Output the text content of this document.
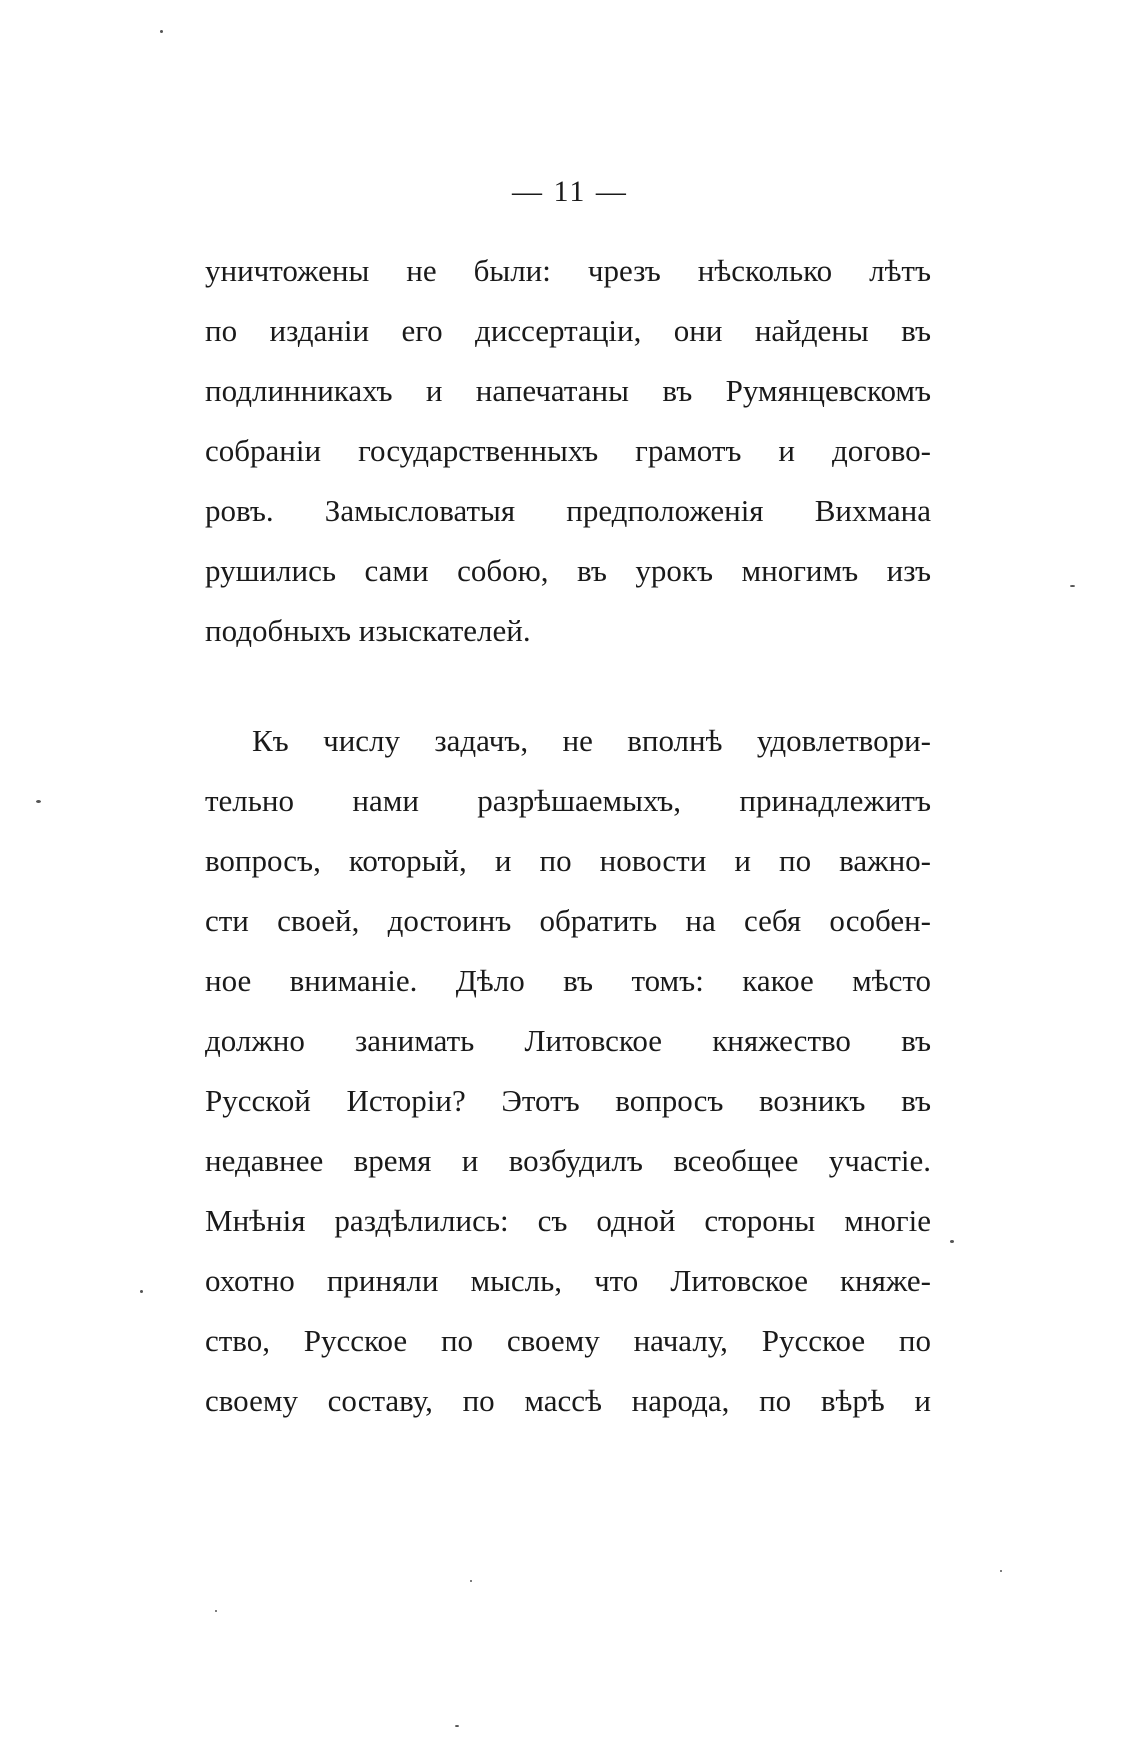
— 11 —
уничтожены не были: чрезъ нѣсколько лѣтъ
по изданіи его диссертаціи, они найдены въ
подлинникахъ и напечатаны въ Румянцевскомъ
собраніи государственныхъ грамотъ и догово-
ровъ. Замысловатыя предположенія Вихмана
рушились сами собою, въ урокъ многимъ изъ
подобныхъ изыскателей.
Къ числу задачъ, не вполнѣ удовлетвори-
тельно нами разрѣшаемыхъ, принадлежитъ
вопросъ, который, и по новости и по важно-
сти своей, достоинъ обратить на себя особен-
ное вниманіе. Дѣло въ томъ: какое мѣсто
должно занимать Литовское княжество въ
Русской Исторіи? Этотъ вопросъ возникъ въ
недавнее время и возбудилъ всеобщее участіе.
Мнѣнія раздѣлились: съ одной стороны многіе
охотно приняли мысль, что Литовское княже-
ство, Русское по своему началу, Русское по
своему составу, по массѣ народа, по вѣрѣ и
